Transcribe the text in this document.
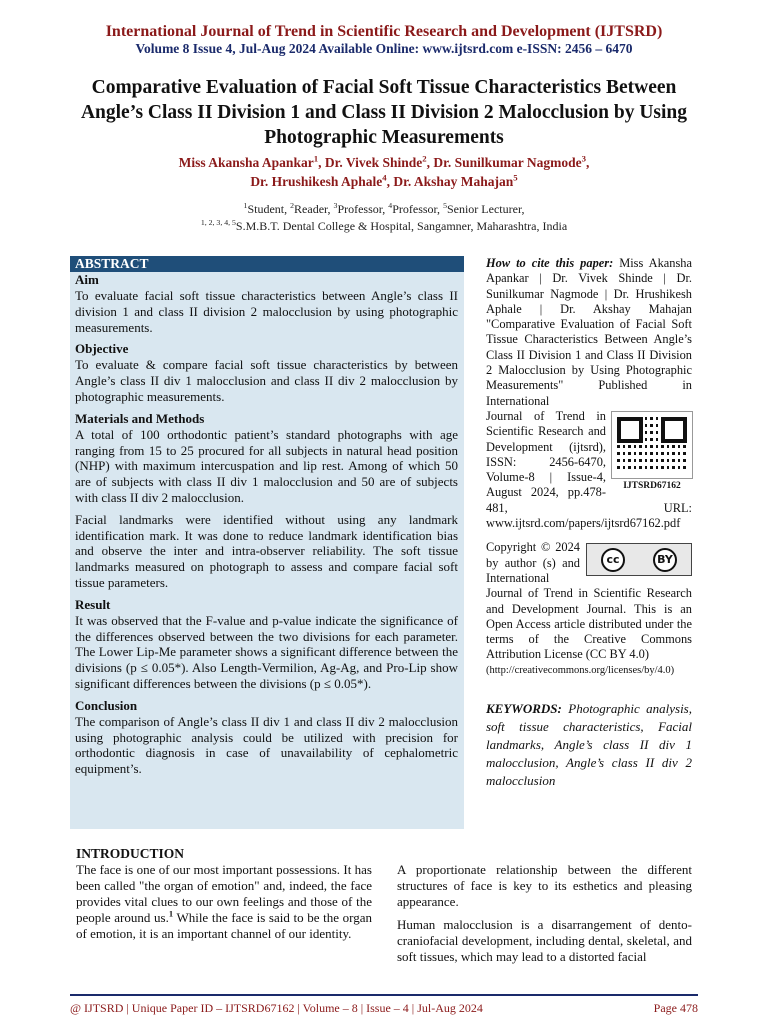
International Journal of Trend in Scientific Research and Development (IJTSRD)
Volume 8 Issue 4, Jul-Aug 2024 Available Online: www.ijtsrd.com e-ISSN: 2456 – 6470
Comparative Evaluation of Facial Soft Tissue Characteristics Between Angle’s Class II Division 1 and Class II Division 2 Malocclusion by Using Photographic Measurements
Miss Akansha Apankar$^1$, Dr. Vivek Shinde$^2$, Dr. Sunilkumar Nagmode$^3$,
Dr. Hrushikesh Aphale$^4$, Dr. Akshay Mahajan$^5$
$^1$Student, $^2$Reader, $^3$Professor, $^4$Professor, $^5$Senior Lecturer,
$^{1, 2, 3, 4, 5}$S.M.B.T. Dental College & Hospital, Sangamner, Maharashtra, India
ABSTRACT
Aim

To evaluate facial soft tissue characteristics between Angle’s class II division 1 and class II division 2 malocclusion by using photographic measurements.

Objective

To evaluate & compare facial soft tissue characteristics by between Angle’s class II div 1 malocclusion and class II div 2 malocclusion by photographic measurements.

Materials and Methods

A total of 100 orthodontic patient’s standard photographs with age ranging from 15 to 25 procured for all subjects in natural head position (NHP) with maximum intercuspation and lip rest. Among of which 50 are of subjects with class II div 1 malocclusion and 50 are of subjects with class II div 2 malocclusion.

Facial landmarks were identified without using any landmark identification mark. It was done to reduce landmark identification bias and observe the inter and intra-observer reliability. The soft tissue landmarks measured on photograph to assess and compare facial soft tissue parameters.

Result

It was observed that the F-value and p-value indicate the significance of the differences observed between the two divisions for each parameter. The Lower Lip-Me parameter shows a significant difference between the divisions (p ≤ 0.05*). Also Length-Vermilion, Ag-Ag, and Pro-Lip show significant differences between the divisions (p ≤ 0.05*).

Conclusion

The comparison of Angle’s class II div 1 and class II div 2 malocclusion using photographic analysis could be utilized with precision for orthodontic diagnosis in case of unavailability of cephalometric equipment’s.

How to cite this paper: Miss Akansha Apankar | Dr. Vivek Shinde | Dr. Sunilkumar Nagmode | Dr. Hrushikesh Aphale | Dr. Akshay Mahajan "Comparative Evaluation of Facial Soft Tissue Characteristics Between Angle’s Class II Division 1 and Class II Division 2 Malocclusion by Using Photographic Measurements" Published in International
IJTSRD67162
Journal of Trend in Scientific Research and Development (ijtsrd), ISSN: 2456-6470, Volume-8 | Issue-4, August 2024, pp.478-481, URL: www.ijtsrd.com/papers/ijtsrd67162.pdf
cc	BY
Copyright © 2024 by author (s) and International Journal of Trend in Scientific Research and Development Journal. This is an Open Access article distributed under the terms of the Creative Commons Attribution License (CC BY 4.0)
(http://creativecommons.org/licenses/by/4.0)
KEYWORDS: Photographic analysis, soft tissue characteristics, Facial landmarks, Angle’s class II div 1 malocclusion, Angle’s class II div 2 malocclusion
INTRODUCTION

The face is one of our most important possessions. It has been called "the organ of emotion" and, indeed, the face provides vital clues to our own feelings and those of the people around us.$^1$ While the face is said to be the organ of emotion, it is an important channel of our identity.

A proportionate relationship between the different structures of face is key to its esthetics and pleasing appearance.

Human malocclusion is a disarrangement of dento-craniofacial development, including dental, skeletal, and soft tissues, which may lead to a distorted facial

@ IJTSRD | Unique Paper ID – IJTSRD67162 | Volume – 8 | Issue – 4 | Jul-Aug 2024	Page 478
